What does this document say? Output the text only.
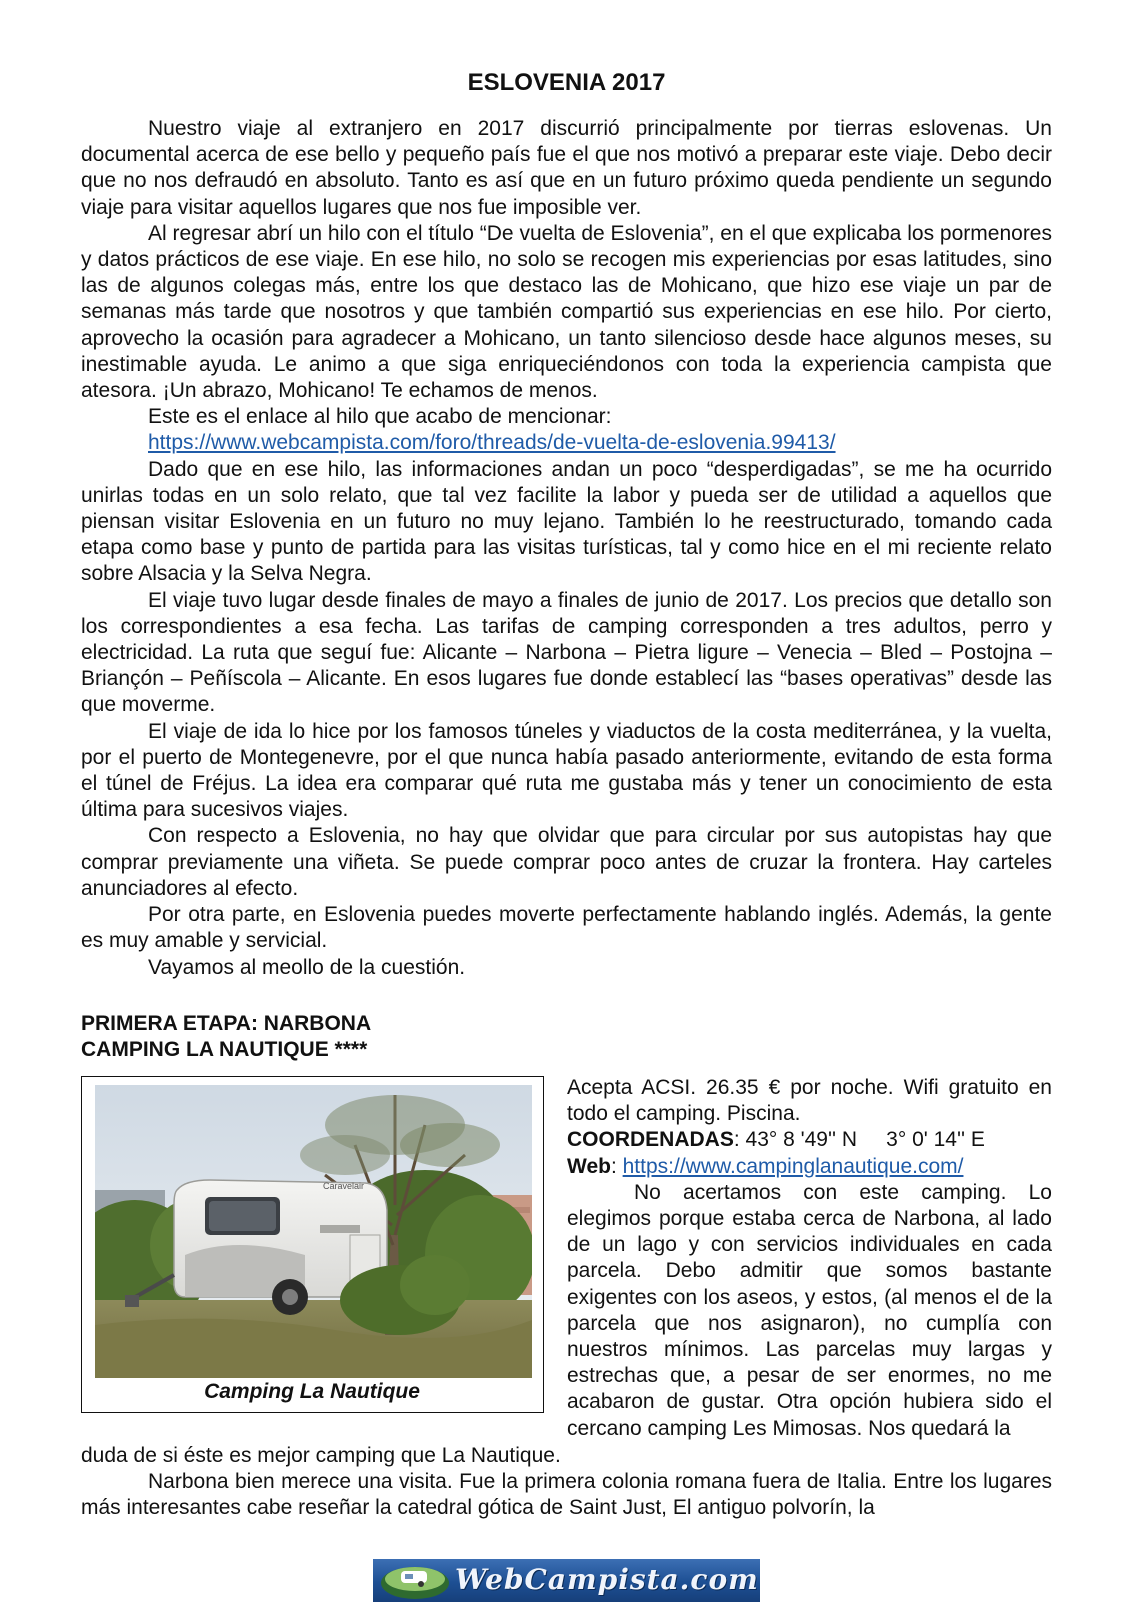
ESLOVENIA 2017

Nuestro viaje al extranjero en 2017 discurrió principalmente por tierras eslovenas. Un documental acerca de ese bello y pequeño país fue el que nos motivó a preparar este viaje. Debo decir que no nos defraudó en absoluto. Tanto es así que en un futuro próximo queda pendiente un segundo viaje para visitar aquellos lugares que nos fue imposible ver.

Al regresar abrí un hilo con el título “De vuelta de Eslovenia”, en el que explicaba los pormenores y datos prácticos de ese viaje. En ese hilo, no solo se recogen mis experiencias por esas latitudes, sino las de algunos colegas más, entre los que destaco las de Mohicano, que hizo ese viaje un par de semanas más tarde que nosotros y que también compartió sus experiencias en ese hilo. Por cierto, aprovecho la ocasión para agradecer a Mohicano, un tanto silencioso desde hace algunos meses, su inestimable ayuda. Le animo a que siga enriqueciéndonos con toda la experiencia campista que atesora. ¡Un abrazo, Mohicano! Te echamos de menos.

Este es el enlace al hilo que acabo de mencionar:

https://www.webcampista.com/foro/threads/de-vuelta-de-eslovenia.99413/

Dado que en ese hilo, las informaciones andan un poco “desperdigadas”, se me ha ocurrido unirlas todas en un solo relato, que tal vez facilite la labor y pueda ser de utilidad a aquellos que piensan visitar Eslovenia en un futuro no muy lejano. También lo he reestructurado, tomando cada etapa como base y punto de partida para las visitas turísticas, tal y como hice en el mi reciente relato sobre Alsacia y la Selva Negra.

El viaje tuvo lugar desde finales de mayo a finales de junio de 2017. Los precios que detallo son los correspondientes a esa fecha. Las tarifas de camping corresponden a tres adultos, perro y electricidad. La ruta que seguí fue: Alicante – Narbona – Pietra ligure – Venecia – Bled – Postojna – Briançón – Peñíscola – Alicante. En esos lugares fue donde establecí las “bases operativas” desde las que moverme.

El viaje de ida lo hice por los famosos túneles y viaductos de la costa mediterránea, y la vuelta, por el puerto de Montegenevre, por el que nunca había pasado anteriormente, evitando de esta forma el túnel de Fréjus. La idea era comparar qué ruta me gustaba más y tener un conocimiento de esta última para sucesivos viajes.

Con respecto a Eslovenia, no hay que olvidar que para circular por sus autopistas hay que comprar previamente una viñeta. Se puede comprar poco antes de cruzar la frontera. Hay carteles anunciadores al efecto.

Por otra parte, en Eslovenia puedes moverte perfectamente hablando inglés. Además, la gente es muy amable y servicial.

Vayamos al meollo de la cuestión.

PRIMERA ETAPA: NARBONA
CAMPING LA NAUTIQUE ****
Caravelair
Camping La Nautique

Acepta ACSI. 26.35 € por noche. Wifi gratuito en todo el camping. Piscina.

COORDENADAS: 43° 8 '49'' N     3° 0' 14'' E

Web: https://www.campinglanautique.com/

No acertamos con este camping. Lo elegimos porque estaba cerca de Narbona, al lado de un lago y con servicios individuales en cada parcela. Debo admitir que somos bastante exigentes con los aseos, y estos, (al menos el de la parcela que nos asignaron), no cumplía con nuestros mínimos. Las parcelas muy largas y estrechas que, a pesar de ser enormes, no me acabaron de gustar. Otra opción hubiera sido el cercano camping Les Mimosas. Nos quedará la

duda de si éste es mejor camping que La Nautique.

Narbona bien merece una visita. Fue la primera colonia romana fuera de Italia. Entre los lugares más interesantes cabe reseñar la catedral gótica de Saint Just, El antiguo polvorín, la

WebCampista.com
